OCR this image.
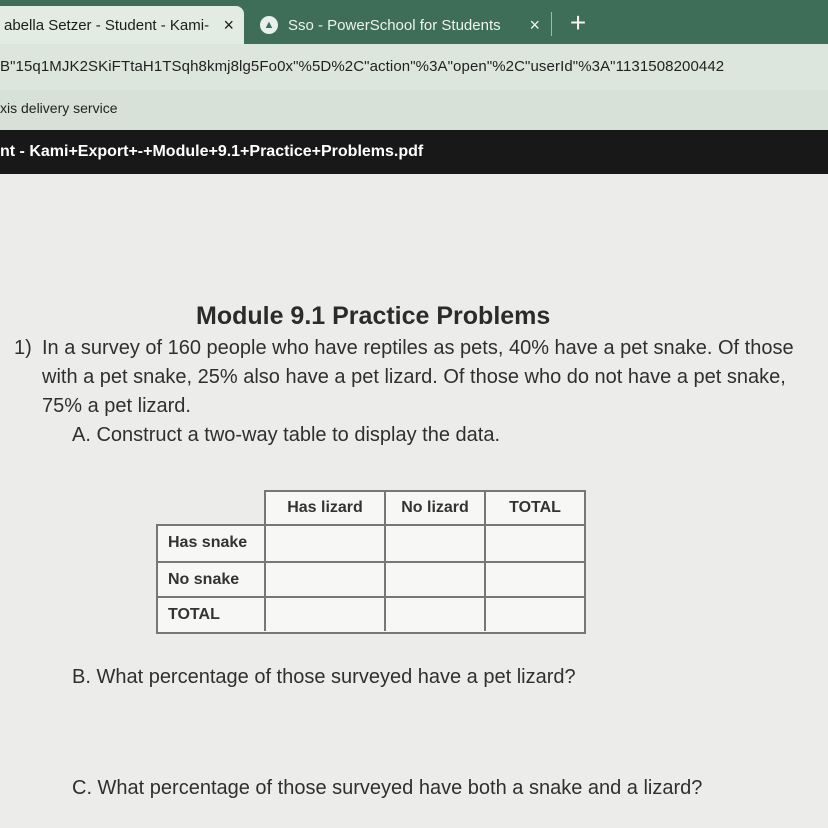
abella Setzer - Student - Kami- ×	▲ Sso - PowerSchool for Students	×	+
B"15q1MJK2SKiFTtaH1TSqh8kmj8lg5Fo0x"%5D%2C"action"%3A"open"%2C"userId"%3A"1131508200442
xis delivery service
nt - Kami+Export+-+Module+9.1+Practice+Problems.pdf
Module 9.1 Practice Problems
1) In a survey of 160 people who have reptiles as pets, 40% have a pet snake. Of those with a pet snake, 25% also have a pet lizard. Of those who do not have a pet snake, 75% a pet lizard.
A. Construct a two-way table to display the data.
Has lizard	No lizard	TOTAL
Has snake
No snake
TOTAL
B. What percentage of those surveyed have a pet lizard?
C. What percentage of those surveyed have both a snake and a lizard?
